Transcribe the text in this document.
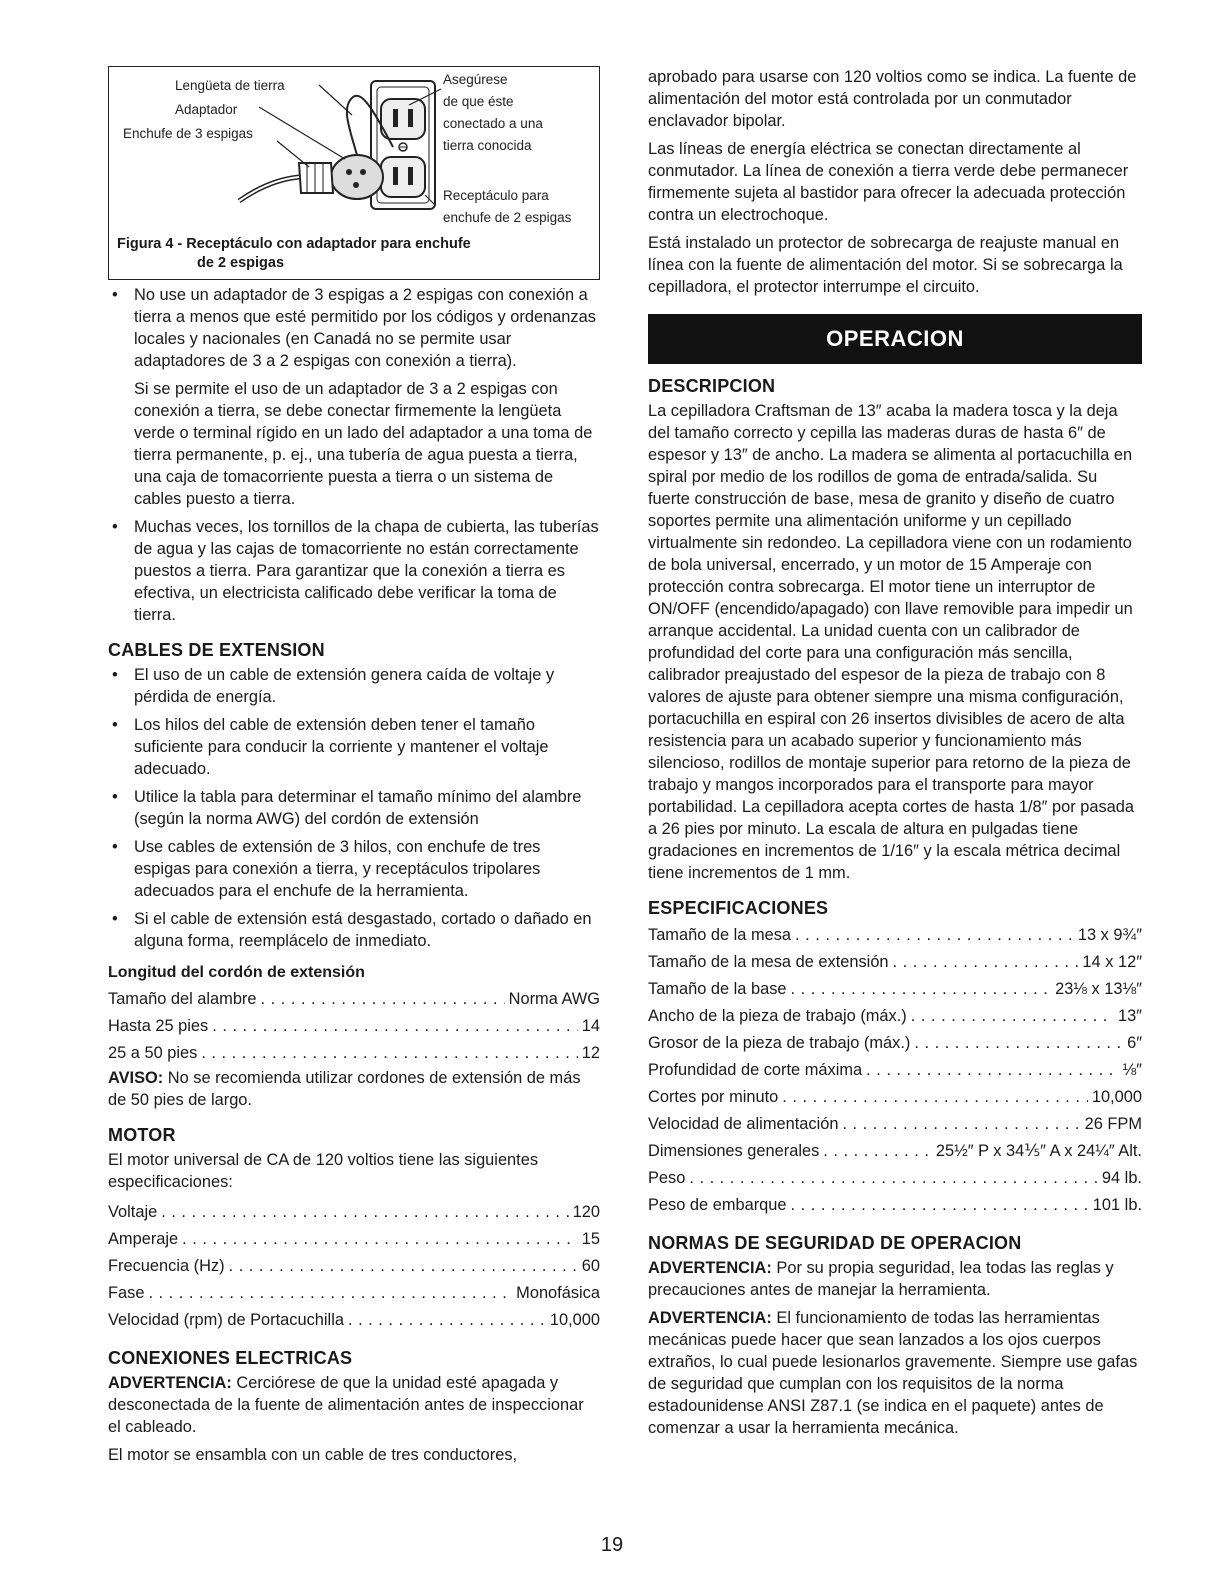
Lengüeta de tierra
Adaptador
Enchufe de 3 espigas
Asegúrese
de que éste
conectado a una
tierra conocida
Receptáculo para
enchufe de 2 espigas
Figura 4 - Receptáculo con adaptador para enchufe
de 2 espigas
• No use un adaptador de 3 espigas a 2 espigas con conexión a tierra a menos que esté permitido por los códigos y ordenanzas locales y nacionales (en Canadá no se permite usar adaptadores de 3 a 2 espigas con conexión a tierra).

Si se permite el uso de un adaptador de 3 a 2 espigas con conexión a tierra, se debe conectar firmemente la lengüeta verde o terminal rígido en un lado del adaptador a una toma de tierra permanente, p. ej., una tubería de agua puesta a tierra, una caja de tomacorriente puesta a tierra o un sistema de cables puesto a tierra.

• Muchas veces, los tornillos de la chapa de cubierta, las tuberías de agua y las cajas de tomacorriente no están correctamente puestos a tierra. Para garantizar que la conexión a tierra es efectiva, un electricista calificado debe verificar la toma de tierra.
CABLES DE EXTENSION
• El uso de un cable de extensión genera caída de voltaje y pérdida de energía.
• Los hilos del cable de extensión deben tener el tamaño suficiente para conducir la corriente y mantener el voltaje adecuado.
• Utilice la tabla para determinar el tamaño mínimo del alambre (según la norma AWG) del cordón de extensión
• Use cables de extensión de 3 hilos, con enchufe de tres espigas para conexión a tierra, y receptáculos tripolares adecuados para el enchufe de la herramienta.
• Si el cable de extensión está desgastado, cortado o dañado en alguna forma, reemplácelo de inmediato.
Longitud del cordón de extensión
Tamaño del alambre . . .	Norma AWG
Hasta 25 pies . . .	14
25 a 50 pies . . .	12

AVISO: No se recomienda utilizar cordones de extensión de más de 50 pies de largo.

MOTOR

El motor universal de CA de 120 voltios tiene las siguientes especificaciones:

Voltaje . . .	120
Amperaje . . .	15
Frecuencia (Hz) . . .	60
Fase . . .	Monofásica
Velocidad (rpm) de Portacuchilla . . .	10,000
CONEXIONES ELECTRICAS

ADVERTENCIA: Cerciórese de que la unidad esté apagada y desconectada de la fuente de alimentación antes de inspeccionar el cableado.

El motor se ensambla con un cable de tres conductores,

aprobado para usarse con 120 voltios como se indica. La fuente de alimentación del motor está controlada por un conmutador enclavador bipolar.

Las líneas de energía eléctrica se conectan directamente al conmutador. La línea de conexión a tierra verde debe permanecer firmemente sujeta al bastidor para ofrecer la adecuada protección contra un electrochoque.

Está instalado un protector de sobrecarga de reajuste manual en línea con la fuente de alimentación del motor. Si se sobrecarga la cepilladora, el protector interrumpe el circuito.

OPERACION
DESCRIPCION

La cepilladora Craftsman de 13″ acaba la madera tosca y la deja del tamaño correcto y cepilla las maderas duras de hasta 6″ de espesor y 13″ de ancho. La madera se alimenta al portacuchilla en spiral por medio de los rodillos de goma de entrada/salida. Su fuerte construcción de base, mesa de granito y diseño de cuatro soportes permite una alimentación uniforme y un cepillado virtualmente sin redondeo. La cepilladora viene con un rodamiento de bola universal, encerrado, y un motor de 15 Amperaje con protección contra sobrecarga. El motor tiene un interruptor de ON/OFF (encendido/apagado) con llave removible para impedir un arranque accidental. La unidad cuenta con un calibrador de profundidad del corte para una configuración más sencilla, calibrador preajustado del espesor de la pieza de trabajo con 8 valores de ajuste para obtener siempre una misma configuración, portacuchilla en espiral con 26 insertos divisibles de acero de alta resistencia para un acabado superior y funcionamiento más silencioso, rodillos de montaje superior para retorno de la pieza de trabajo y mangos incorporados para el transporte para mayor portabilidad. La cepilladora acepta cortes de hasta 1/8″ por pasada a 26 pies por minuto. La escala de altura en pulgadas tiene gradaciones en incrementos de 1/16″ y la escala métrica decimal tiene incrementos de 1 mm.

ESPECIFICACIONES
Tamaño de la mesa . . .	13 x 9¾″
Tamaño de la mesa de extensión . . .	14 x 12″
Tamaño de la base . . .	23⅛ x 13⅛″
Ancho de la pieza de trabajo (máx.) . . .	13″
Grosor de la pieza de trabajo (máx.) . . .	6″
Profundidad de corte máxima . . .	⅛″
Cortes por minuto . . .	10,000
Velocidad de alimentación . . .	26 FPM
Dimensiones generales . . .	25½″ P x 34⅕″ A x 24¼″ Alt.
Peso . . .	94 lb.
Peso de embarque . . .	101 lb.
NORMAS DE SEGURIDAD DE OPERACION

ADVERTENCIA: Por su propia seguridad, lea todas las reglas y precauciones antes de manejar la herramienta.

ADVERTENCIA: El funcionamiento de todas las herramientas mecánicas puede hacer que sean lanzados a los ojos cuerpos extraños, lo cual puede lesionarlos gravemente. Siempre use gafas de seguridad que cumplan con los requisitos de la norma estadounidense ANSI Z87.1 (se indica en el paquete) antes de comenzar a usar la herramienta mecánica.

19
